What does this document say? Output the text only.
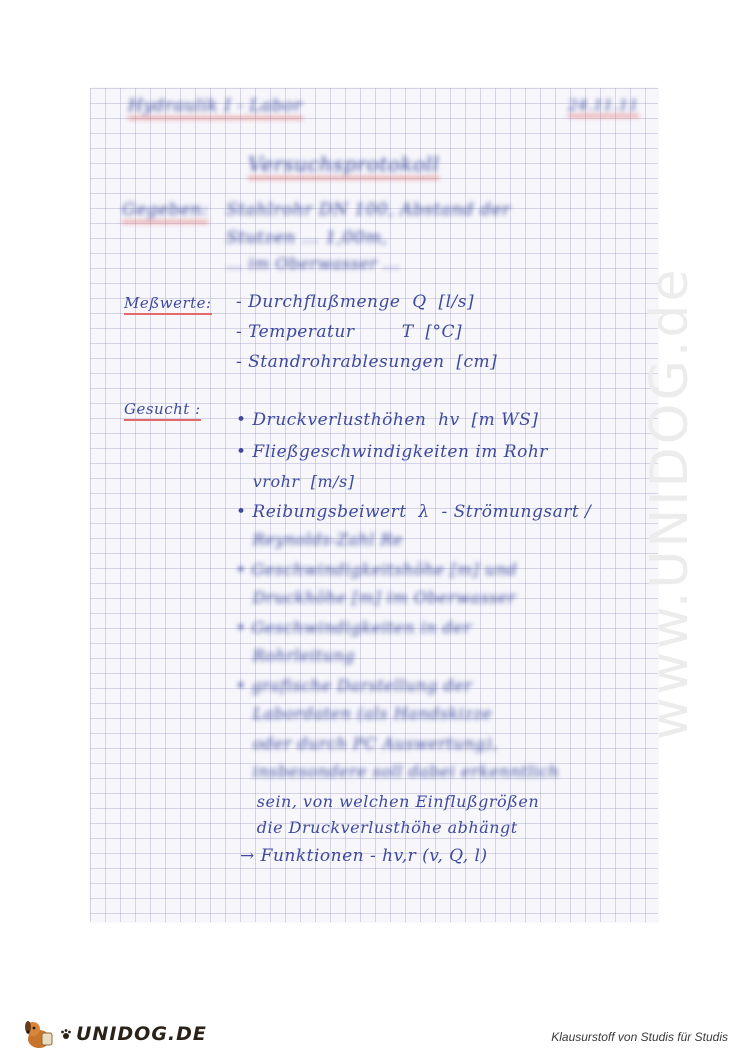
Hydraulik I - Labor	24.11.11
Versuchsprotokoll
Gegeben: Stahlrohr DN 100, Abstand der
Stutzen ... 1,00m,
... im Oberwasser ...
Meßwerte: - Durchflußmenge  Q  [l/s]
- Temperatur        T  [°C]
- Standrohrablesungen  [cm]
Gesucht :
• Druckverlusthöhen  hv  [m WS]
• Fließgeschwindigkeiten im Rohr
vrohr  [m/s]
• Reibungsbeiwert  λ  - Strömungsart /
Reynolds-Zahl Re
• Geschwindigkeitshöhe [m] und
Druckhöhe [m] im Oberwasser
• Geschwindigkeiten in der
Rohrleitung
• grafische Darstellung der
Labordaten (als Handskizze
oder durch PC Auswertung),
insbesondere soll dabei erkenntlich
sein, von welchen Einflußgrößen
die Druckverlusthöhe abhängt
→ Funktionen - hv,r (v, Q, l)
www.UNIDOG.de
UNIDOG.DE	Klausurstoff von Studis für Studis
